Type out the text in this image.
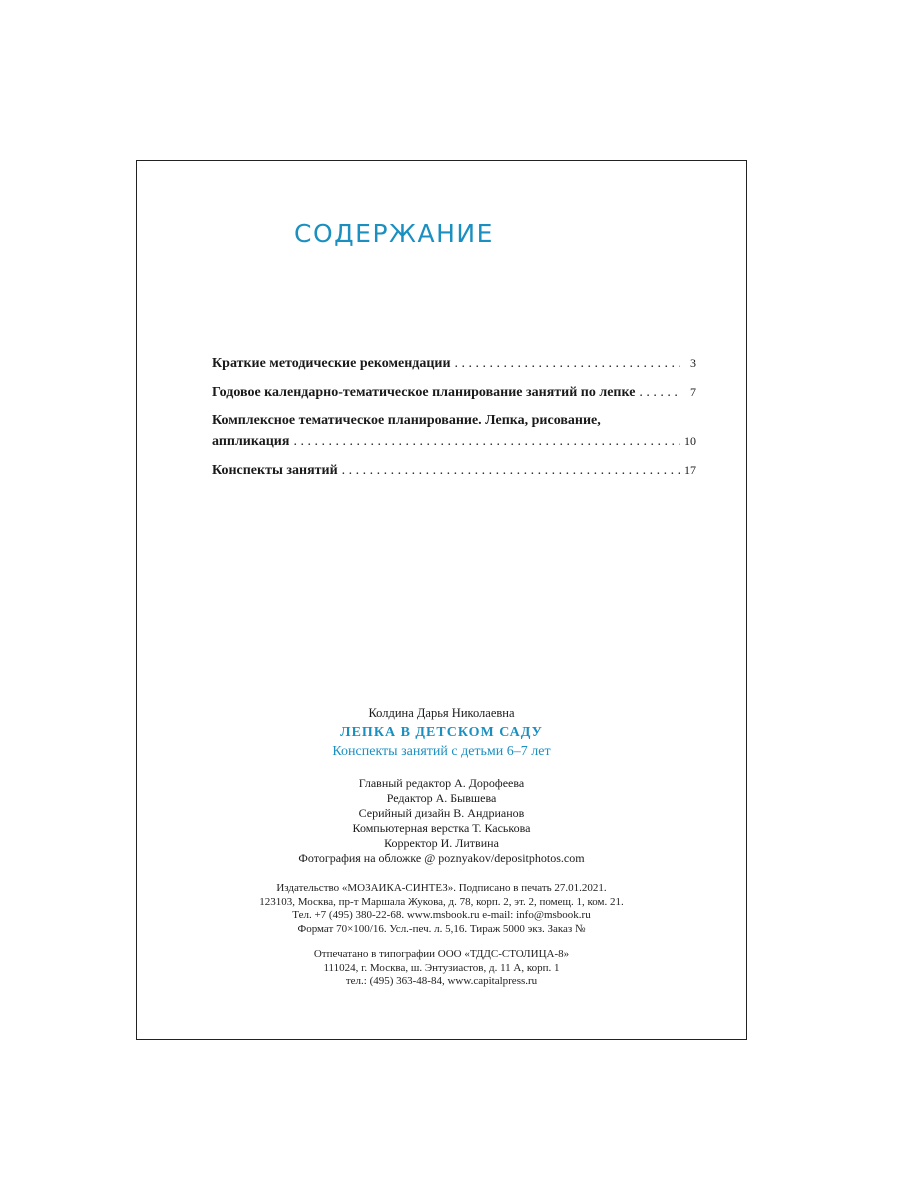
СОДЕРЖАНИЕ
Краткие методические рекомендации . . .	3
Годовое календарно-тематическое планирование занятий по лепке . . .	7
Комплексное тематическое планирование. Лепка, рисование,
аппликация . . .	10
Конспекты занятий . . .	17
Колдина Дарья Николаевна
ЛЕПКА В ДЕТСКОМ САДУ
Конспекты занятий с детьми 6–7 лет
Главный редактор А. Дорофеева
Редактор А. Бывшева
Серийный дизайн В. Андрианов
Компьютерная верстка Т. Каськова
Корректор И. Литвина
Фотография на обложке @ poznyakov/depositphotos.com
Издательство «МОЗАИКА-СИНТЕЗ». Подписано в печать 27.01.2021.
123103, Москва, пр-т Маршала Жукова, д. 78, корп. 2, эт. 2, помещ. 1, ком. 21.
Тел. +7 (495) 380-22-68. www.msbook.ru e-mail: info@msbook.ru
Формат 70×100/16. Усл.-печ. л. 5,16. Тираж 5000 экз. Заказ №
Отпечатано в типографии ООО «ТДДС-СТОЛИЦА-8»
111024, г. Москва, ш. Энтузиастов, д. 11 А, корп. 1
тел.: (495) 363-48-84, www.capitalpress.ru
